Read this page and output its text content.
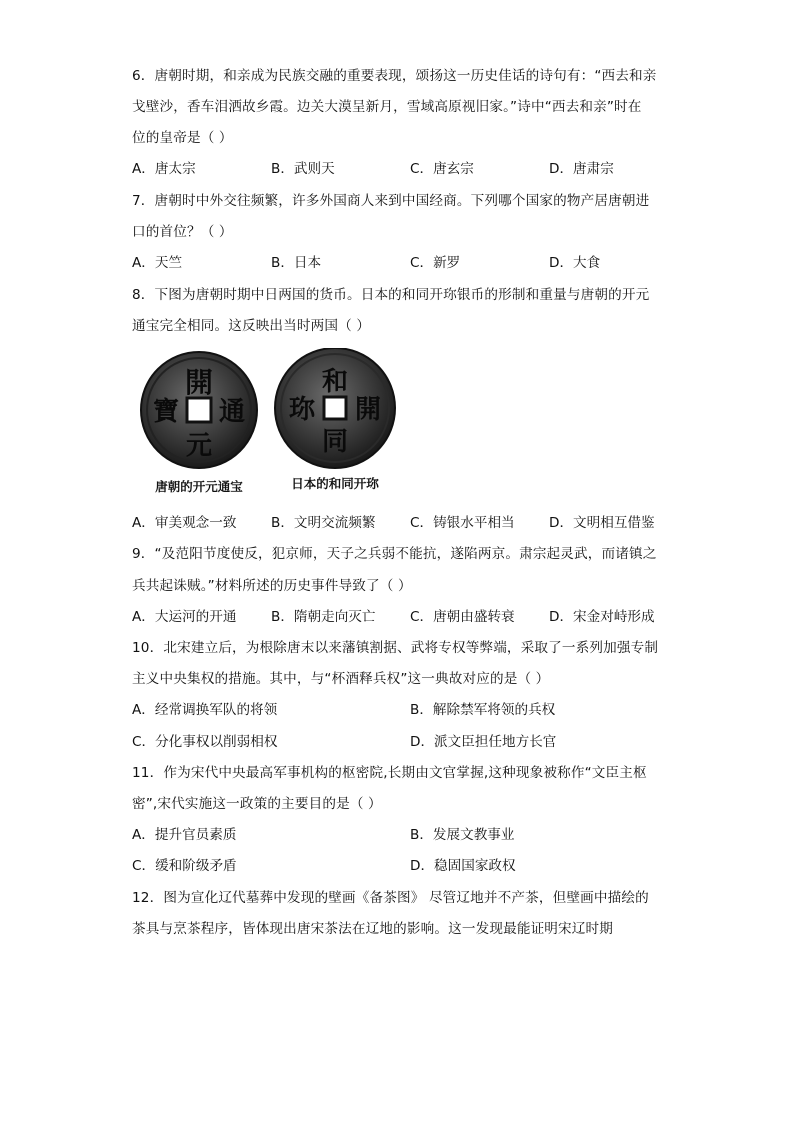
6．唐朝时期，和亲成为民族交融的重要表现，颂扬这一历史佳话的诗句有：“西去和亲
戈壁沙，香车泪洒故乡霞。边关大漠呈新月，雪域高原视旧家。”诗中“西去和亲”时在
位的皇帝是（ ）
A．唐太宗	B．武则天	C．唐玄宗	D．唐肃宗
7．唐朝时中外交往频繁，许多外国商人来到中国经商。下列哪个国家的物产居唐朝进
口的首位？（ ）
A．天竺	B．日本	C．新罗	D．大食
8．下图为唐朝时期中日两国的货币。日本的和同开珎银币的形制和重量与唐朝的开元
通宝完全相同。这反映出当时两国（ ）
開
通
元
寶
和
開
同
珎
唐朝的开元通宝	日本的和同开珎
A．审美观念一致	B．文明交流频繁	C．铸银水平相当	D．文明相互借鉴
9．“及范阳节度使反，犯京师，天子之兵弱不能抗，遂陷两京。肃宗起灵武，而诸镇之
兵共起诛贼。”材料所述的历史事件导致了（ ）
A．大运河的开通	B．隋朝走向灭亡	C．唐朝由盛转衰	D．宋金对峙形成
10．北宋建立后，为根除唐末以来藩镇割据、武将专权等弊端，采取了一系列加强专制
主义中央集权的措施。其中，与“杯酒释兵权”这一典故对应的是（ ）
A．经常调换军队的将领	B．解除禁军将领的兵权
C．分化事权以削弱相权	D．派文臣担任地方长官
11．作为宋代中央最高军事机构的枢密院,长期由文官掌握,这种现象被称作“文臣主枢
密”,宋代实施这一政策的主要目的是（ ）
A．提升官员素质	B．发展文教事业
C．缓和阶级矛盾	D．稳固国家政权
12．图为宣化辽代墓葬中发现的壁画《备茶图》 尽管辽地并不产茶，但壁画中描绘的
茶具与烹茶程序，皆体现出唐宋茶法在辽地的影响。这一发现最能证明宋辽时期
